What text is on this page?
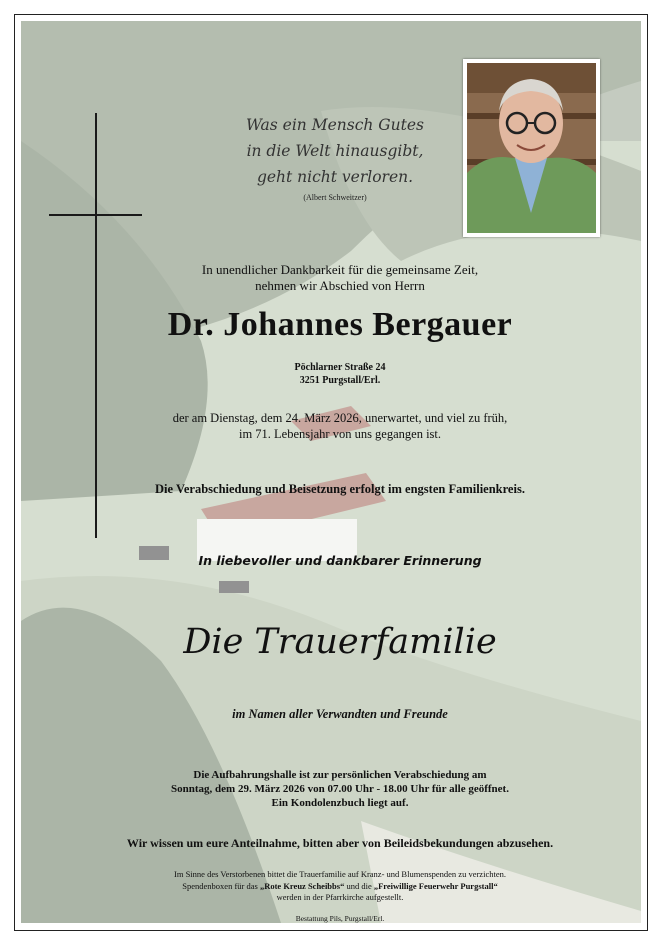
Was ein Mensch Gutes
in die Welt hinausgibt,
geht nicht verloren.
(Albert Schweitzer)
In unendlicher Dankbarkeit für die gemeinsame Zeit,
nehmen wir Abschied von Herrn
Dr. Johannes Bergauer
Pöchlarner Straße 24
3251 Purgstall/Erl.
der am Dienstag, dem 24. März 2026, unerwartet, und viel zu früh,
im 71. Lebensjahr von uns gegangen ist.
Die Verabschiedung und Beisetzung erfolgt im engsten Familienkreis.
In liebevoller und dankbarer Erinnerung
Die Trauerfamilie
im Namen aller Verwandten und Freunde
Die Aufbahrungshalle ist zur persönlichen Verabschiedung am
Sonntag, dem 29. März 2026 von 07.00 Uhr - 18.00 Uhr für alle geöffnet.
Ein Kondolenzbuch liegt auf.
Wir wissen um eure Anteilnahme, bitten aber von Beileidsbekundungen abzusehen.
Im Sinne des Verstorbenen bittet die Trauerfamilie auf Kranz- und Blumenspenden zu verzichten.
Spendenboxen für das „Rote Kreuz Scheibbs“ und die „Freiwillige Feuerwehr Purgstall“
werden in der Pfarrkirche aufgestellt.
Bestattung Pils, Purgstall/Erl.
